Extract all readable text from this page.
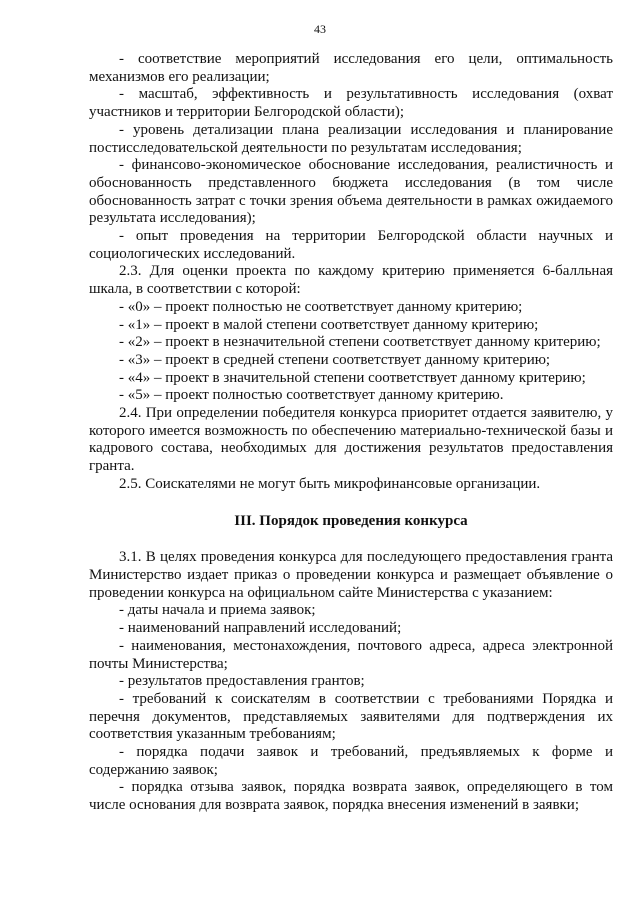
43

- соответствие мероприятий исследования его цели, оптимальность механизмов его реализации;

- масштаб, эффективность и результативность исследования (охват участников и территории Белгородской области);

- уровень детализации плана реализации исследования и планирование постисследовательской деятельности по результатам исследования;

- финансово-экономическое обоснование исследования, реалистичность и обоснованность представленного бюджета исследования (в том числе обоснованность затрат с точки зрения объема деятельности в рамках ожидаемого результата исследования);

- опыт проведения на территории Белгородской области научных и социологических исследований.

2.3. Для оценки проекта по каждому критерию применяется 6-балльная шкала, в соответствии с которой:

- «0» – проект полностью не соответствует данному критерию;

- «1» – проект в малой степени соответствует данному критерию;

- «2» – проект в незначительной степени соответствует данному критерию;

- «3» – проект в средней степени соответствует данному критерию;

- «4» – проект в значительной степени соответствует данному критерию;

- «5» – проект полностью соответствует данному критерию.

2.4. При определении победителя конкурса приоритет отдается заявителю, у которого имеется возможность по обеспечению материально-технической базы и кадрового состава, необходимых для достижения результатов предоставления гранта.

2.5. Соискателями не могут быть микрофинансовые организации.

III. Порядок проведения конкурса

3.1. В целях проведения конкурса для последующего предоставления гранта Министерство издает приказ о проведении конкурса и размещает объявление о проведении конкурса на официальном сайте Министерства с указанием:

- даты начала и приема заявок;

- наименований направлений исследований;

- наименования, местонахождения, почтового адреса, адреса электронной почты Министерства;

- результатов предоставления грантов;

- требований к соискателям в соответствии с требованиями Порядка и перечня документов, представляемых заявителями для подтверждения их соответствия указанным требованиям;

- порядка подачи заявок и требований, предъявляемых к форме и содержанию заявок;

- порядка отзыва заявок, порядка возврата заявок, определяющего в том числе основания для возврата заявок, порядка внесения изменений в заявки;
